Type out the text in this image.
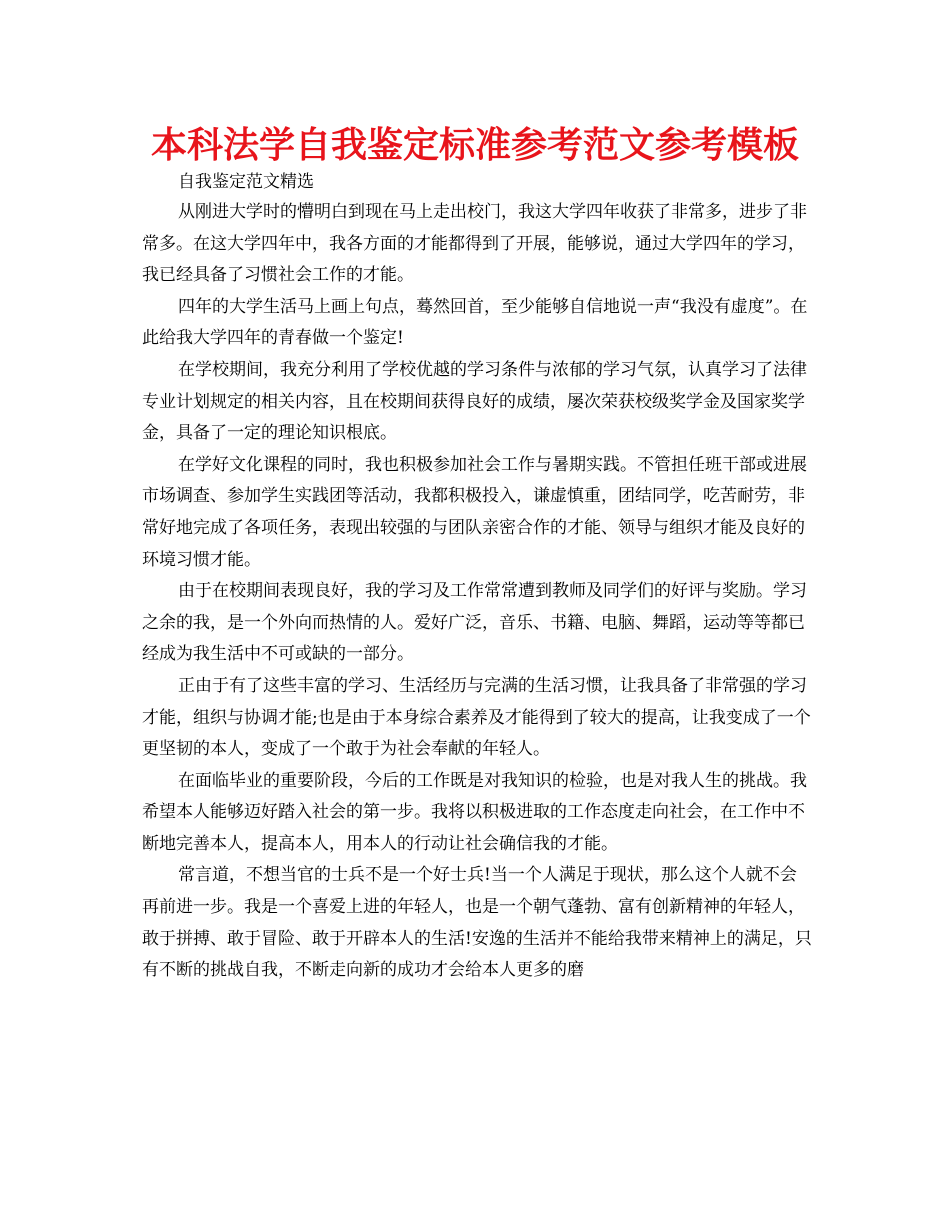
本科法学自我鉴定标准参考范文参考模板
自我鉴定范文精选

从刚进大学时的懵明白到现在马上走出校门，我这大学四年收获了非常多，进步了非常多。在这大学四年中，我各方面的才能都得到了开展，能够说，通过大学四年的学习，我已经具备了习惯社会工作的才能。

四年的大学生活马上画上句点，蓦然回首，至少能够自信地说一声“我没有虚度”。在此给我大学四年的青春做一个鉴定!

在学校期间，我充分利用了学校优越的学习条件与浓郁的学习气氛，认真学习了法律专业计划规定的相关内容，且在校期间获得良好的成绩，屡次荣获校级奖学金及国家奖学金，具备了一定的理论知识根底。

在学好文化课程的同时，我也积极参加社会工作与暑期实践。不管担任班干部或进展市场调查、参加学生实践团等活动，我都积极投入，谦虚慎重，团结同学，吃苦耐劳，非常好地完成了各项任务，表现出较强的与团队亲密合作的才能、领导与组织才能及良好的环境习惯才能。

由于在校期间表现良好，我的学习及工作常常遭到教师及同学们的好评与奖励。学习之余的我，是一个外向而热情的人。爱好广泛，音乐、书籍、电脑、舞蹈，运动等等都已经成为我生活中不可或缺的一部分。

正由于有了这些丰富的学习、生活经历与完满的生活习惯，让我具备了非常强的学习才能，组织与协调才能;也是由于本身综合素养及才能得到了较大的提高，让我变成了一个更坚韧的本人，变成了一个敢于为社会奉献的年轻人。

在面临毕业的重要阶段，今后的工作既是对我知识的检验，也是对我人生的挑战。我希望本人能够迈好踏入社会的第一步。我将以积极进取的工作态度走向社会，在工作中不断地完善本人，提高本人，用本人的行动让社会确信我的才能。

常言道，不想当官的士兵不是一个好士兵!当一个人满足于现状，那么这个人就不会再前进一步。我是一个喜爱上进的年轻人，也是一个朝气蓬勃、富有创新精神的年轻人，敢于拼搏、敢于冒险、敢于开辟本人的生活!安逸的生活并不能给我带来精神上的满足，只有不断的挑战自我，不断走向新的成功才会给本人更多的磨
